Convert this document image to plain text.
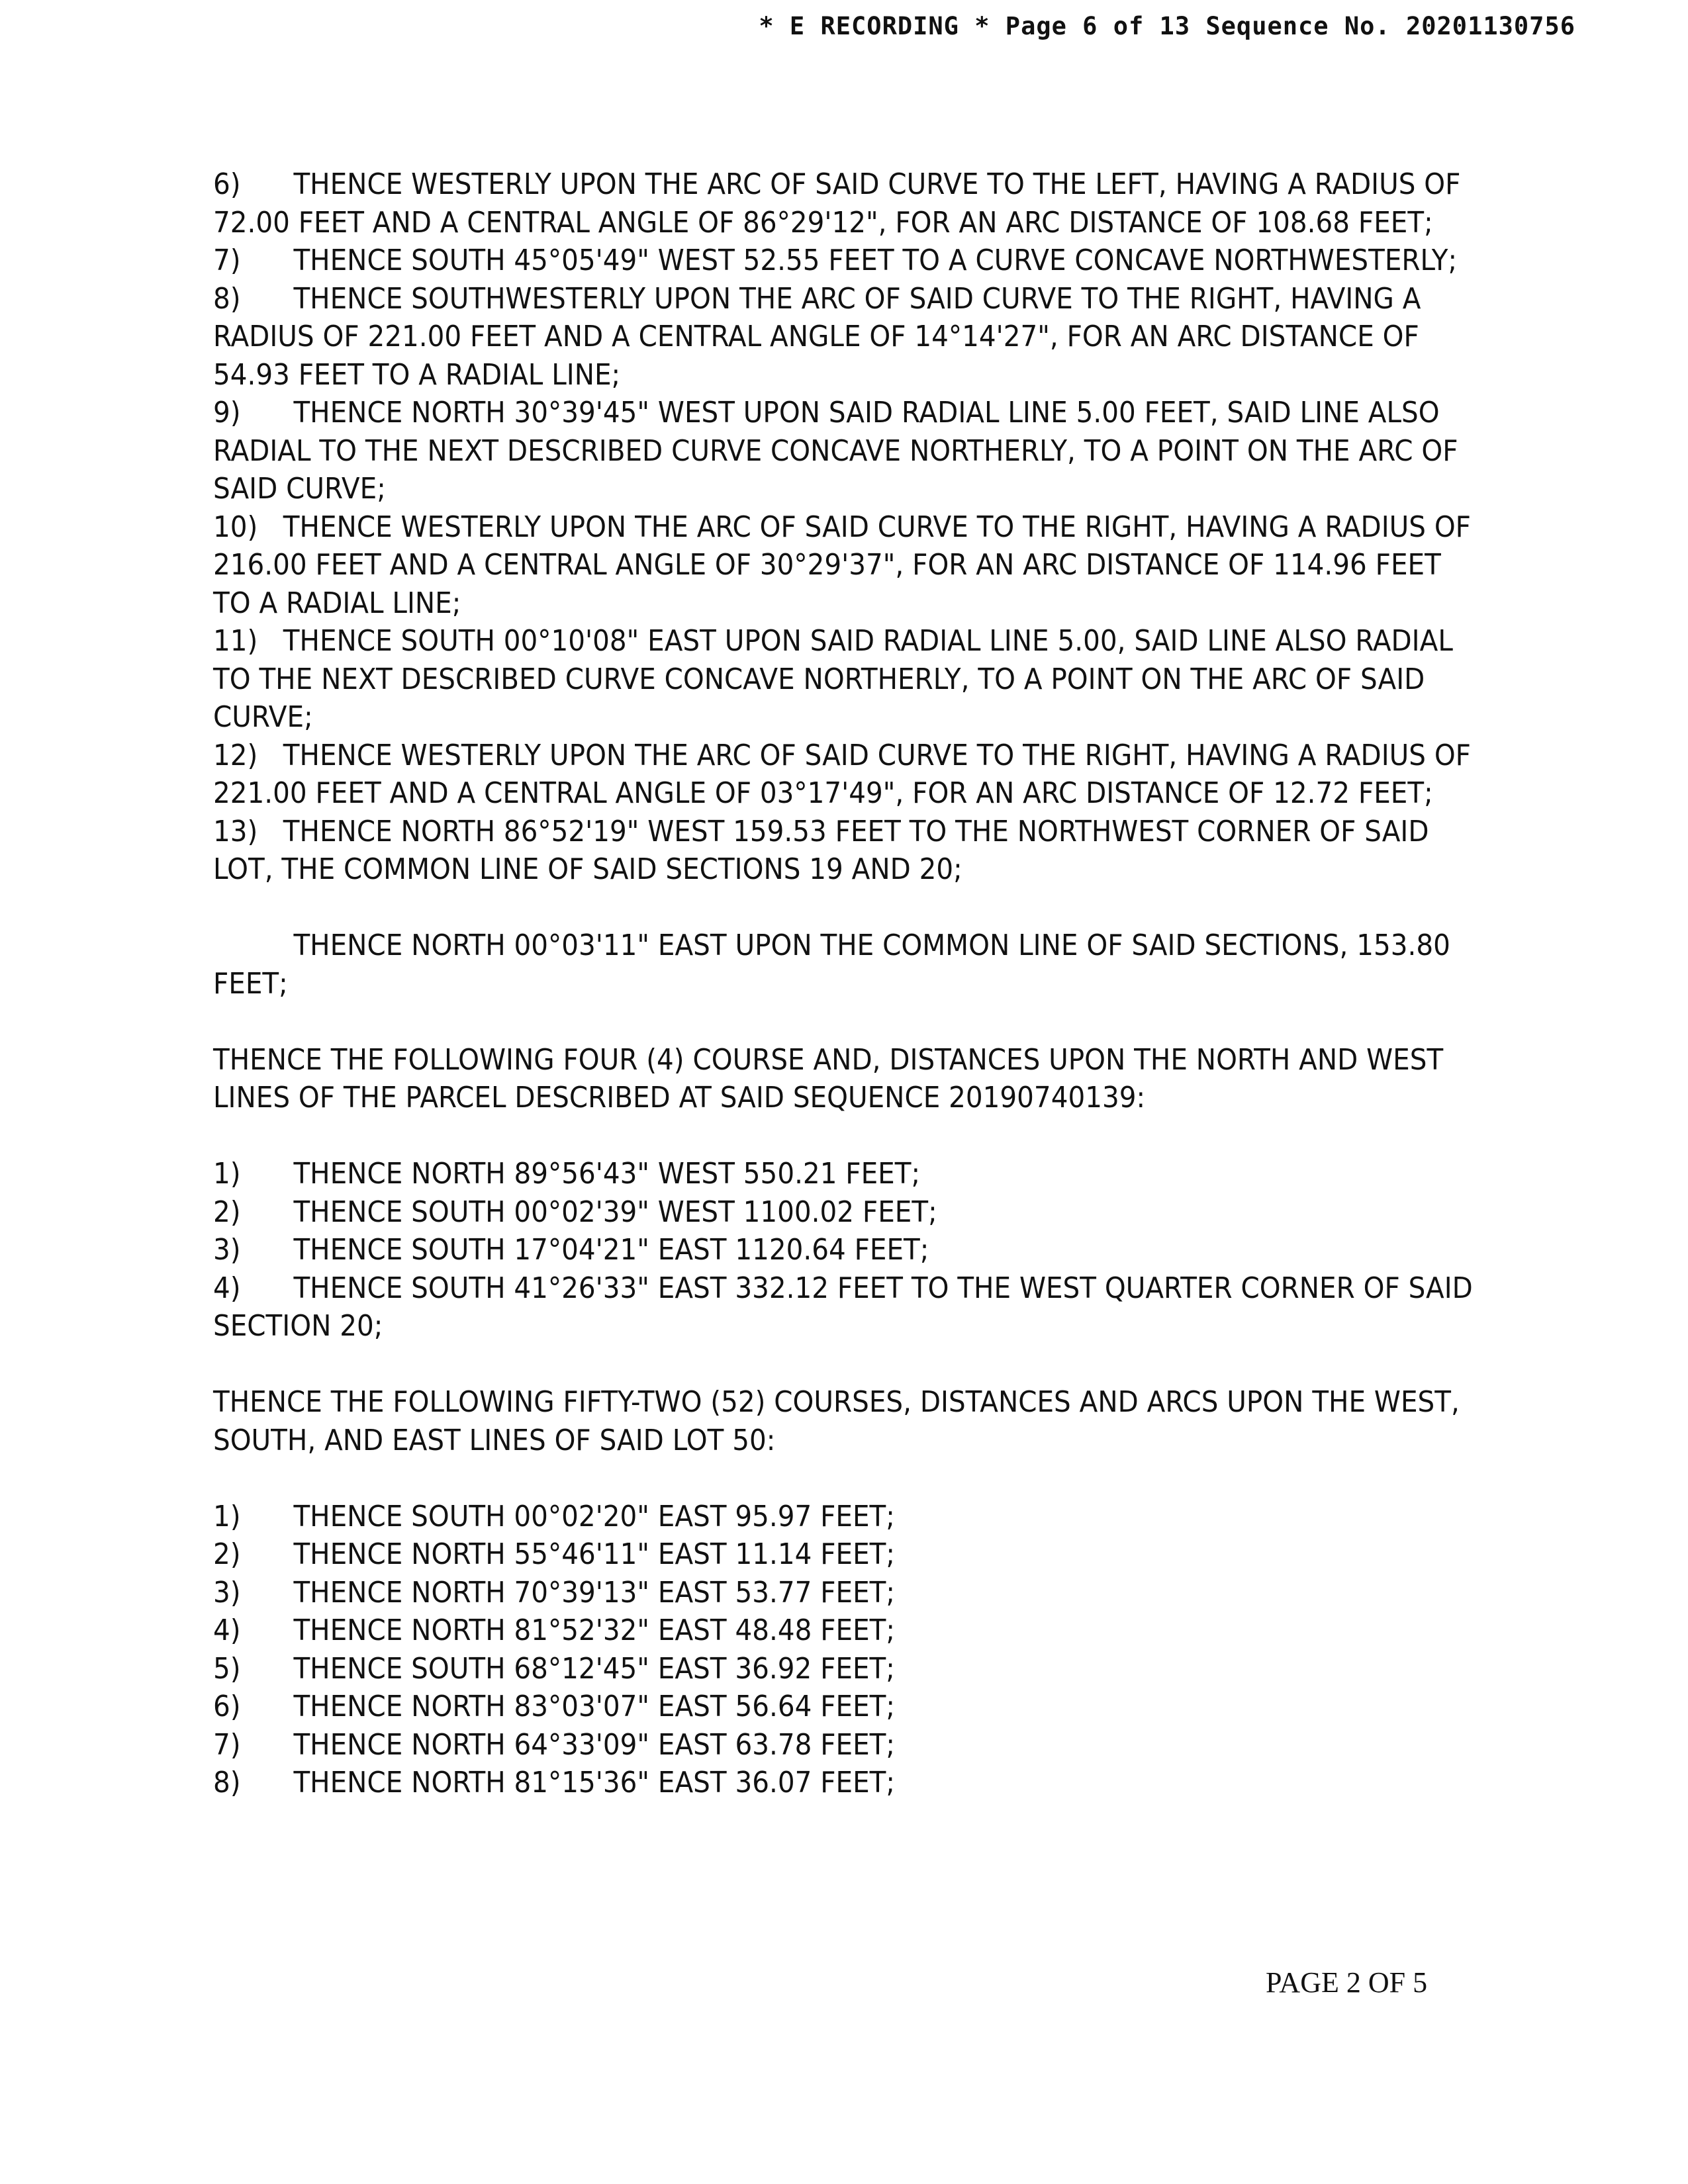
* E RECORDING * Page 6 of 13 Sequence No. 20201130756

6) THENCE WESTERLY UPON THE ARC OF SAID CURVE TO THE LEFT, HAVING A RADIUS OF 72.00 FEET AND A CENTRAL ANGLE OF 86°29'12", FOR AN ARC DISTANCE OF 108.68 FEET;

7) THENCE SOUTH 45°05'49" WEST 52.55 FEET TO A CURVE CONCAVE NORTHWESTERLY;

8) THENCE SOUTHWESTERLY UPON THE ARC OF SAID CURVE TO THE RIGHT, HAVING A RADIUS OF 221.00 FEET AND A CENTRAL ANGLE OF 14°14'27", FOR AN ARC DISTANCE OF 54.93 FEET TO A RADIAL LINE;

9) THENCE NORTH 30°39'45" WEST UPON SAID RADIAL LINE 5.00 FEET, SAID LINE ALSO RADIAL TO THE NEXT DESCRIBED CURVE CONCAVE NORTHERLY, TO A POINT ON THE ARC OF SAID CURVE;

10) THENCE WESTERLY UPON THE ARC OF SAID CURVE TO THE RIGHT, HAVING A RADIUS OF 216.00 FEET AND A CENTRAL ANGLE OF 30°29'37", FOR AN ARC DISTANCE OF 114.96 FEET TO A RADIAL LINE;

11) THENCE SOUTH 00°10'08" EAST UPON SAID RADIAL LINE 5.00, SAID LINE ALSO RADIAL TO THE NEXT DESCRIBED CURVE CONCAVE NORTHERLY, TO A POINT ON THE ARC OF SAID CURVE;

12) THENCE WESTERLY UPON THE ARC OF SAID CURVE TO THE RIGHT, HAVING A RADIUS OF 221.00 FEET AND A CENTRAL ANGLE OF 03°17'49", FOR AN ARC DISTANCE OF 12.72 FEET;

13) THENCE NORTH 86°52'19" WEST 159.53 FEET TO THE NORTHWEST CORNER OF SAID LOT, THE COMMON LINE OF SAID SECTIONS 19 AND 20;

THENCE NORTH 00°03'11" EAST UPON THE COMMON LINE OF SAID SECTIONS, 153.80 FEET;

THENCE THE FOLLOWING FOUR (4) COURSE AND, DISTANCES UPON THE NORTH AND WEST LINES OF THE PARCEL DESCRIBED AT SAID SEQUENCE 20190740139:

1) THENCE NORTH 89°56'43" WEST 550.21 FEET;

2) THENCE SOUTH 00°02'39" WEST 1100.02 FEET;

3) THENCE SOUTH 17°04'21" EAST 1120.64 FEET;

4) THENCE SOUTH 41°26'33" EAST 332.12 FEET TO THE WEST QUARTER CORNER OF SAID SECTION 20;

THENCE THE FOLLOWING FIFTY-TWO (52) COURSES, DISTANCES AND ARCS UPON THE WEST, SOUTH, AND EAST LINES OF SAID LOT 50:

1) THENCE SOUTH 00°02'20" EAST 95.97 FEET;

2) THENCE NORTH 55°46'11" EAST 11.14 FEET;

3) THENCE NORTH 70°39'13" EAST 53.77 FEET;

4) THENCE NORTH 81°52'32" EAST 48.48 FEET;

5) THENCE SOUTH 68°12'45" EAST 36.92 FEET;

6) THENCE NORTH 83°03'07" EAST 56.64 FEET;

7) THENCE NORTH 64°33'09" EAST 63.78 FEET;

8) THENCE NORTH 81°15'36" EAST 36.07 FEET;

PAGE 2 OF 5
